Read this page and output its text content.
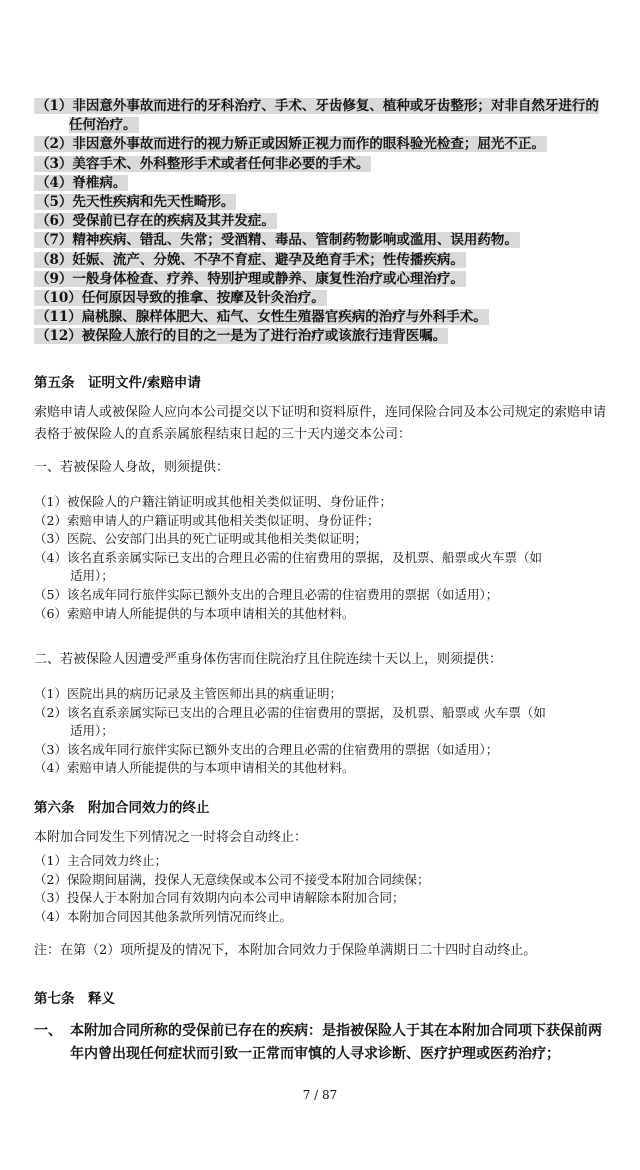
（1）非因意外事故而进行的牙科治疗、手术、牙齿修复、植种或牙齿整形；对非自然牙进行的任何治疗。
（2）非因意外事故而进行的视力矫正或因矫正视力而作的眼科验光检查；屈光不正。
（3）美容手术、外科整形手术或者任何非必要的手术。
（4）脊椎病。
（5）先天性疾病和先天性畸形。
（6）受保前已存在的疾病及其并发症。
（7）精神疾病、错乱、失常；受酒精、毒品、管制药物影响或滥用、误用药物。
（8）妊娠、流产、分娩、不孕不育症、避孕及绝育手术；性传播疾病。
（9）一般身体检查、疗养、特别护理或静养、康复性治疗或心理治疗。
（10）任何原因导致的推拿、按摩及针灸治疗。
（11）扁桃腺、腺样体肥大、疝气、女性生殖器官疾病的治疗与外科手术。
（12）被保险人旅行的目的之一是为了进行治疗或该旅行违背医嘱。
第五条　证明文件/索赔申请
索赔申请人或被保险人应向本公司提交以下证明和资料原件，连同保险合同及本公司规定的索赔申请表格于被保险人的直系亲属旅程结束日起的三十天内递交本公司：
一、若被保险人身故，则须提供：
（1）被保险人的户籍注销证明或其他相关类似证明、身份证件；
（2）索赔申请人的户籍证明或其他相关类似证明、身份证件；
（3）医院、公安部门出具的死亡证明或其他相关类似证明；
（4）该名直系亲属实际已支出的合理且必需的住宿费用的票据，及机票、船票或火车票（如
适用）；
（5）该名成年同行旅伴实际已额外支出的合理且必需的住宿费用的票据（如适用）；
（6）索赔申请人所能提供的与本项申请相关的其他材料。
二、若被保险人因遭受严重身体伤害而住院治疗且住院连续十天以上，则须提供：
（1）医院出具的病历记录及主管医师出具的病重证明；
（2）该名直系亲属实际已支出的合理且必需的住宿费用的票据，及机票、船票或 火车票（如
适用）；
（3）该名成年同行旅伴实际已额外支出的合理且必需的住宿费用的票据（如适用）；
（4）索赔申请人所能提供的与本项申请相关的其他材料。
第六条　附加合同效力的终止
本附加合同发生下列情况之一时将会自动终止：
（1）主合同效力终止；
（2）保险期间届满，投保人无意续保或本公司不接受本附加合同续保；
（3）投保人于本附加合同有效期内向本公司申请解除本附加合同；
（4）本附加合同因其他条款所列情况而终止。
注：在第（2）项所提及的情况下，本附加合同效力于保险单满期日二十四时自动终止。
第七条　释义
一、 本附加合同所称的受保前已存在的疾病：是指被保险人于其在本附加合同项下获保前两年内曾出现任何症状而引致一正常而审慎的人寻求诊断、医疗护理或医药治疗；
7 / 87
